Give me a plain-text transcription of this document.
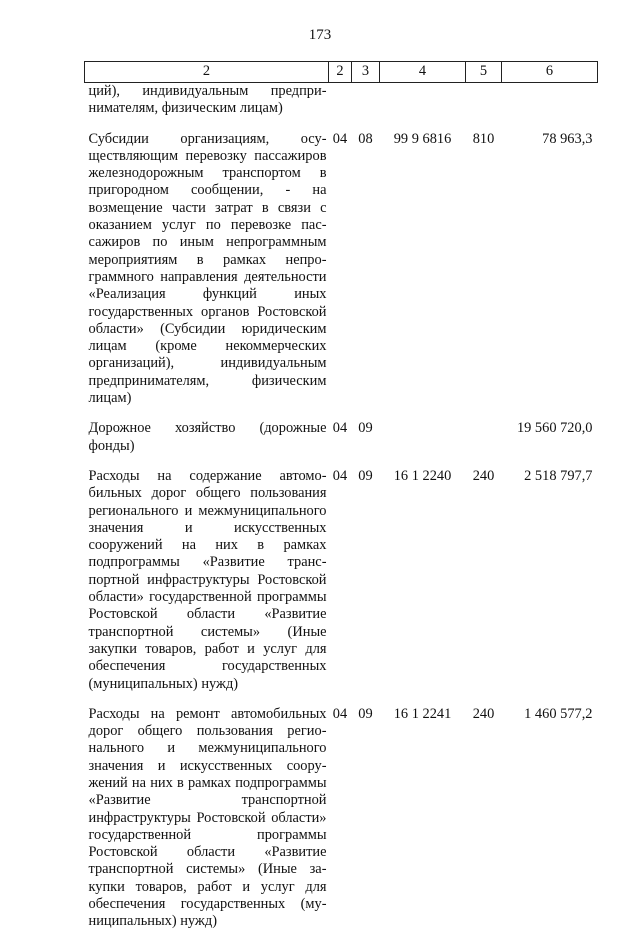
173
2	2	3	4	5	6
ций), индивидуальным предпринимателям, физическим лицам)					

Субсидии организациям, осуществляющим перевозку пассажиров железнодорожным транспортом в пригородном сообщении, - на возмещение части затрат в связи с оказанием услуг по перевозке пассажиров по иным непрограммным мероприятиям в рамках непрограммного направления деятельности «Реализация функций иных государственных органов Ростовской области» (Субсидии юридическим лицам (кроме некоммерческих организаций), индивидуальным предпринимателям, физическим лицам)	04	08	99 9 6816	810	78 963,3

Дорожное хозяйство (дорожные фонды)	04	09			19 560 720,0

Расходы на содержание автомобильных дорог общего пользования регионального и межмуниципального значения и искусственных сооружений на них в рамках подпрограммы «Развитие транспортной инфраструктуры Ростовской области» государственной программы Ростовской области «Развитие транспортной системы» (Иные закупки товаров, работ и услуг для обеспечения государственных (муниципальных) нужд)	04	09	16 1 2240	240	2 518 797,7

Расходы на ремонт автомобильных дорог общего пользования регионального и межмуниципального значения и искусственных сооружений на них в рамках подпрограммы «Развитие транспортной инфраструктуры Ростовской области» государственной программы Ростовской области «Развитие транспортной системы» (Иные закупки товаров, работ и услуг для обеспечения государственных (муниципальных) нужд)	04	09	16 1 2241	240	1 460 577,2
